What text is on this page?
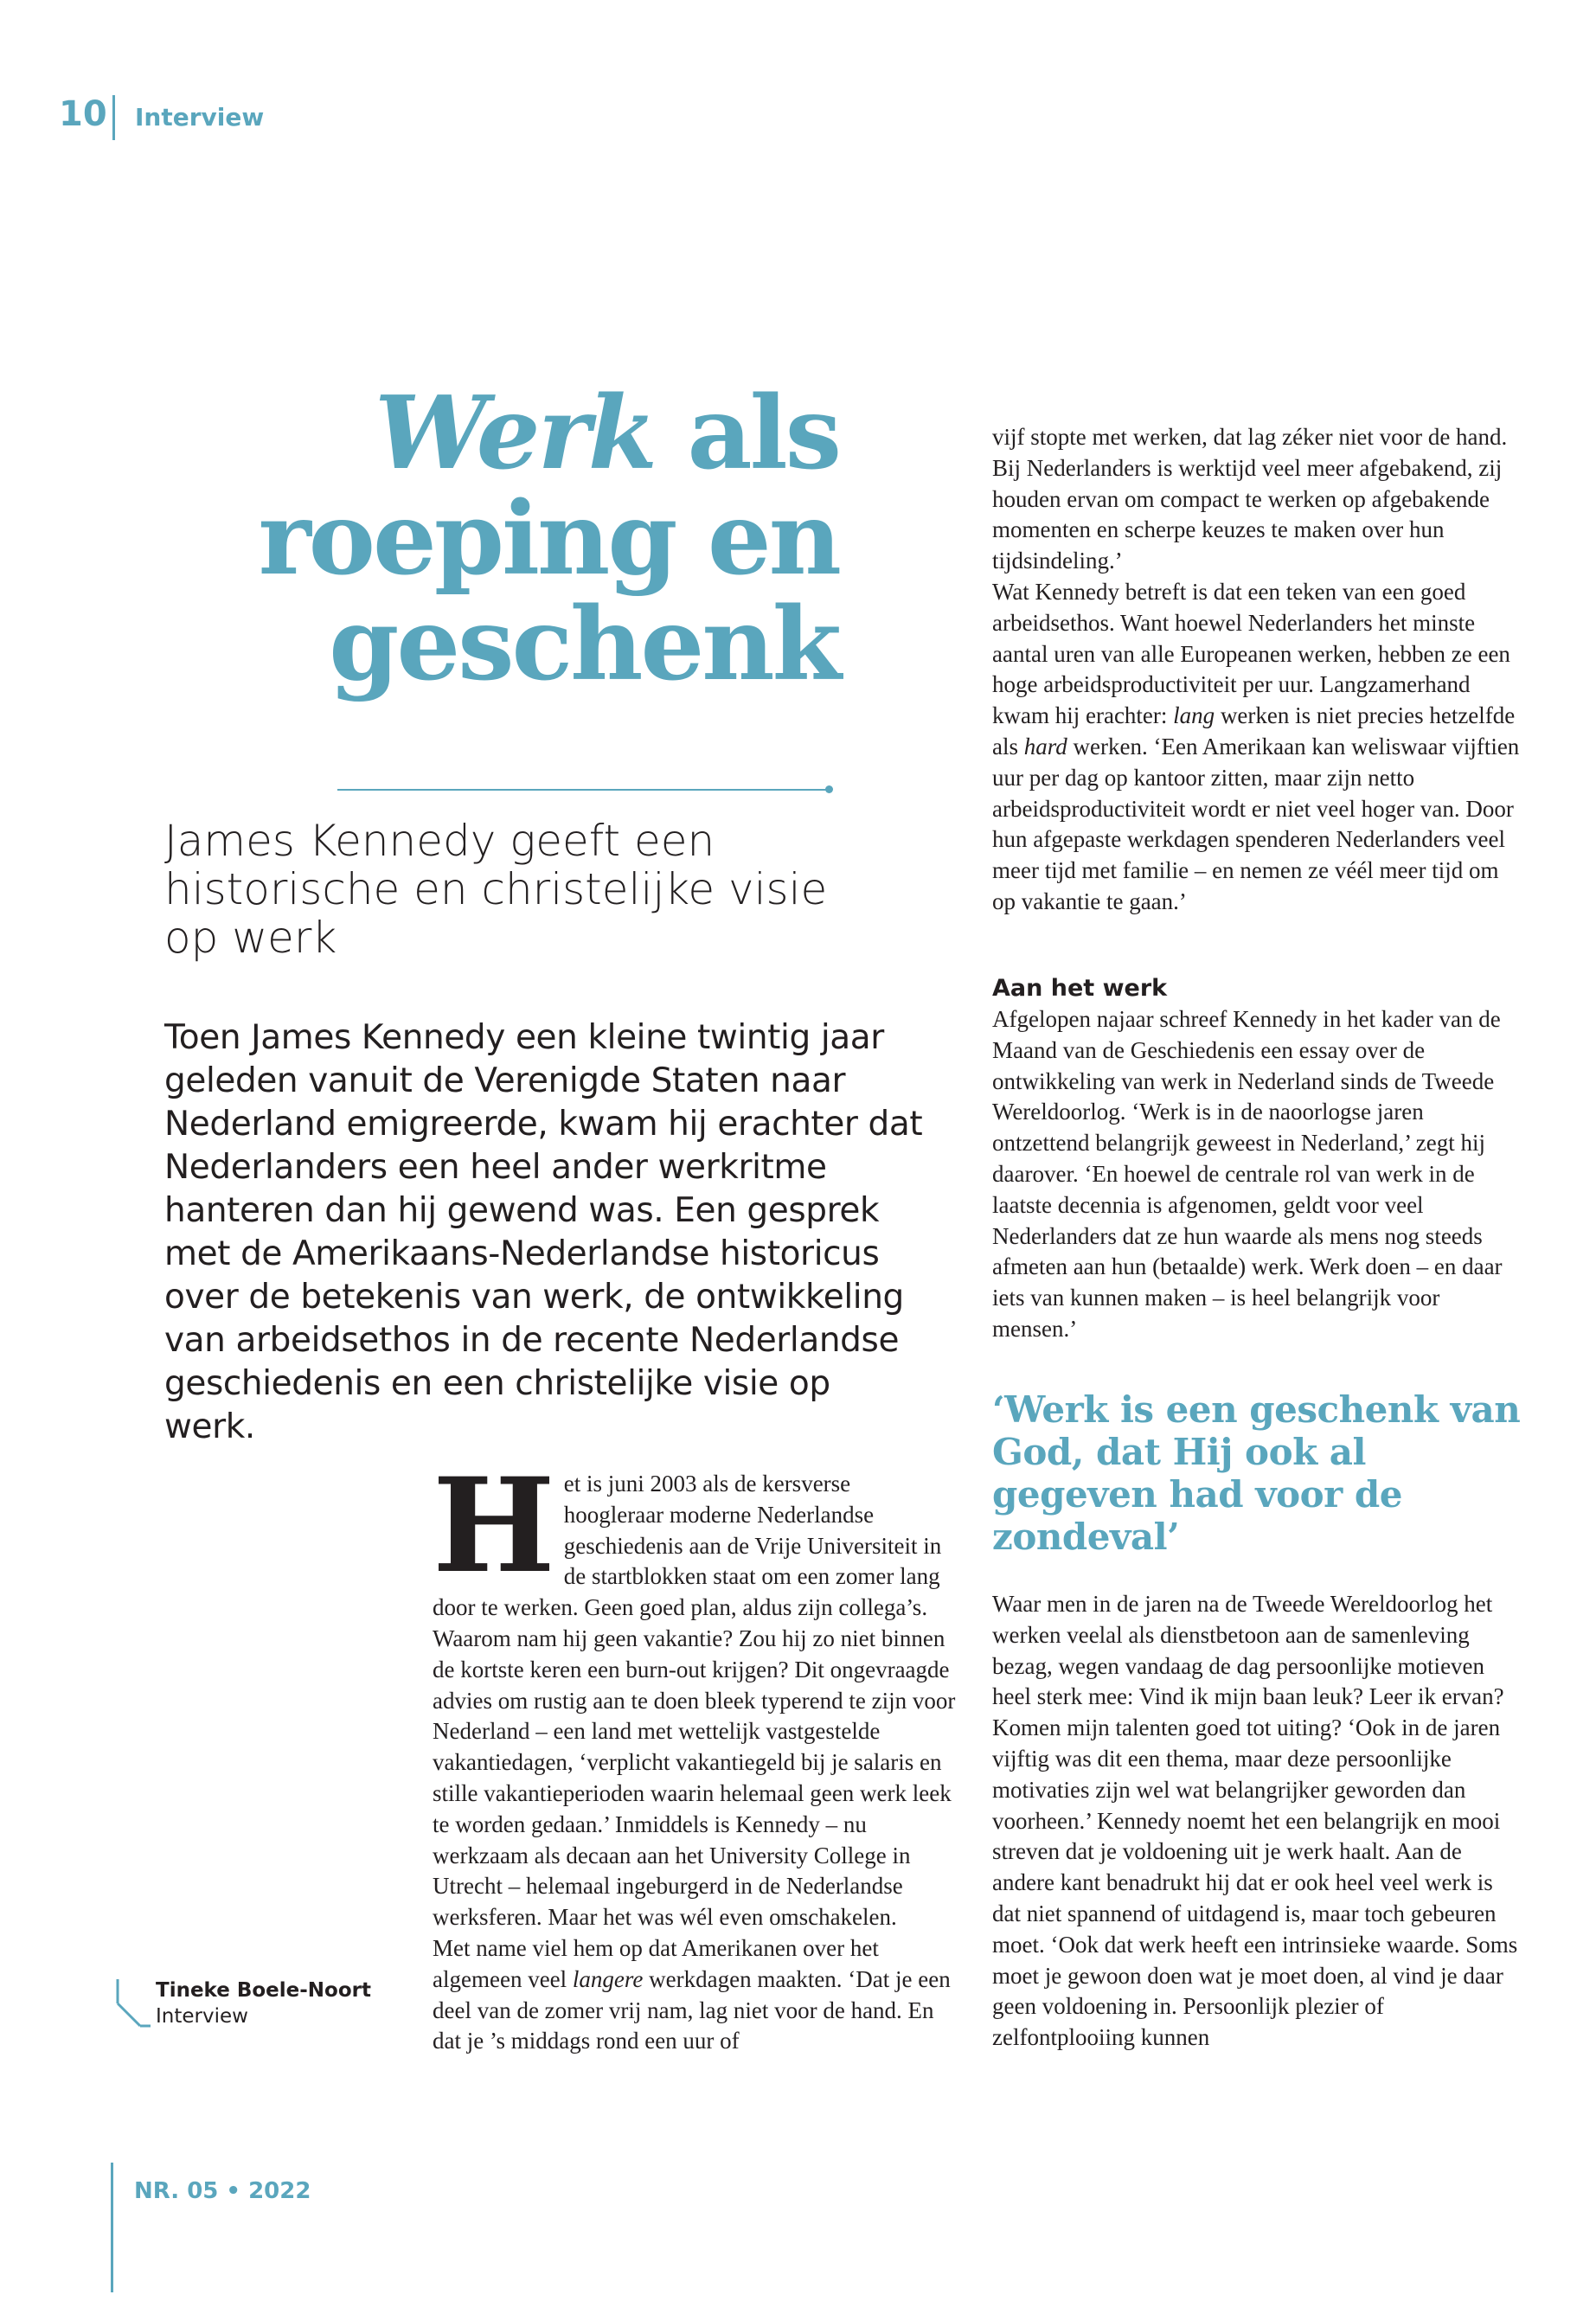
10 Interview
Werk als
roeping en
geschenk
James Kennedy geeft een historische en christelijke visie op werk
Toen James Kennedy een kleine twintig jaar geleden vanuit de Verenigde Staten naar Nederland emigreerde, kwam hij erachter dat Nederlanders een heel ander werkritme hanteren dan hij gewend was. Een gesprek met de Amerikaans-Nederlandse historicus over de betekenis van werk, de ontwikkeling van arbeidsethos in de recente Nederlandse geschiedenis en een christelijke visie op werk.
H et is juni 2003 als de kersverse hoogleraar moderne Nederlandse geschiedenis aan de Vrije Universiteit in de startblokken staat om een zomer lang door te werken. Geen goed plan, aldus zijn collega’s. Waarom nam hij geen vakantie? Zou hij zo niet binnen de kortste keren een burn-out krijgen? Dit ongevraagde advies om rustig aan te doen bleek typerend te zijn voor Nederland – een land met wettelijk vastgestelde vakantiedagen, ‘verplicht vakantiegeld bij je salaris en stille vakantieperioden waarin helemaal geen werk leek te worden gedaan.’ Inmiddels is Kennedy – nu werkzaam als decaan aan het University College in Utrecht – helemaal ingeburgerd in de Nederlandse werksferen. Maar het was wél even omschakelen.

Met name viel hem op dat Amerikanen over het algemeen veel langere werkdagen maakten. ‘Dat je een deel van de zomer vrij nam, lag niet voor de hand. En dat je ’s middags rond een uur of

vijf stopte met werken, dat lag zéker niet voor de hand. Bij Nederlanders is werktijd veel meer afgebakend, zij houden ervan om compact te werken op afgebakende momenten en scherpe keuzes te maken over hun tijdsindeling.’

Wat Kennedy betreft is dat een teken van een goed arbeidsethos. Want hoewel Nederlanders het minste aantal uren van alle Europeanen werken, hebben ze een hoge arbeidsproductiviteit per uur. Langzamerhand kwam hij erachter: lang werken is niet precies hetzelfde als hard werken. ‘Een Amerikaan kan weliswaar vijftien uur per dag op kantoor zitten, maar zijn netto arbeidsproductiviteit wordt er niet veel hoger van. Door hun afgepaste werkdagen spenderen Nederlanders veel meer tijd met familie – en nemen ze véél meer tijd om op vakantie te gaan.’

Aan het werk

Afgelopen najaar schreef Kennedy in het kader van de Maand van de Geschiedenis een essay over de ontwikkeling van werk in Nederland sinds de Tweede Wereldoorlog. ‘Werk is in de naoorlogse jaren ontzettend belangrijk geweest in Nederland,’ zegt hij daarover. ‘En hoewel de centrale rol van werk in de laatste decennia is afgenomen, geldt voor veel Nederlanders dat ze hun waarde als mens nog steeds afmeten aan hun (betaalde) werk. Werk doen – en daar iets van kunnen maken – is heel belangrijk voor mensen.’

‘Werk is een geschenk van God, dat Hij ook al gegeven had voor de zondeval’

Waar men in de jaren na de Tweede Wereldoorlog het werken veelal als dienstbetoon aan de samenleving bezag, wegen vandaag de dag persoonlijke motieven heel sterk mee: Vind ik mijn baan leuk? Leer ik ervan? Komen mijn talenten goed tot uiting? ‘Ook in de jaren vijftig was dit een thema, maar deze persoonlijke motivaties zijn wel wat belangrijker geworden dan voorheen.’ Kennedy noemt het een belangrijk en mooi streven dat je voldoening uit je werk haalt. Aan de andere kant benadrukt hij dat er ook heel veel werk is dat niet spannend of uitdagend is, maar toch gebeuren moet. ‘Ook dat werk heeft een intrinsieke waarde. Soms moet je gewoon doen wat je moet doen, al vind je daar geen voldoening in. Persoonlijk plezier of zelfontplooiing kunnen

Tineke Boele-Noort
Interview
NR. 05 • 2022
